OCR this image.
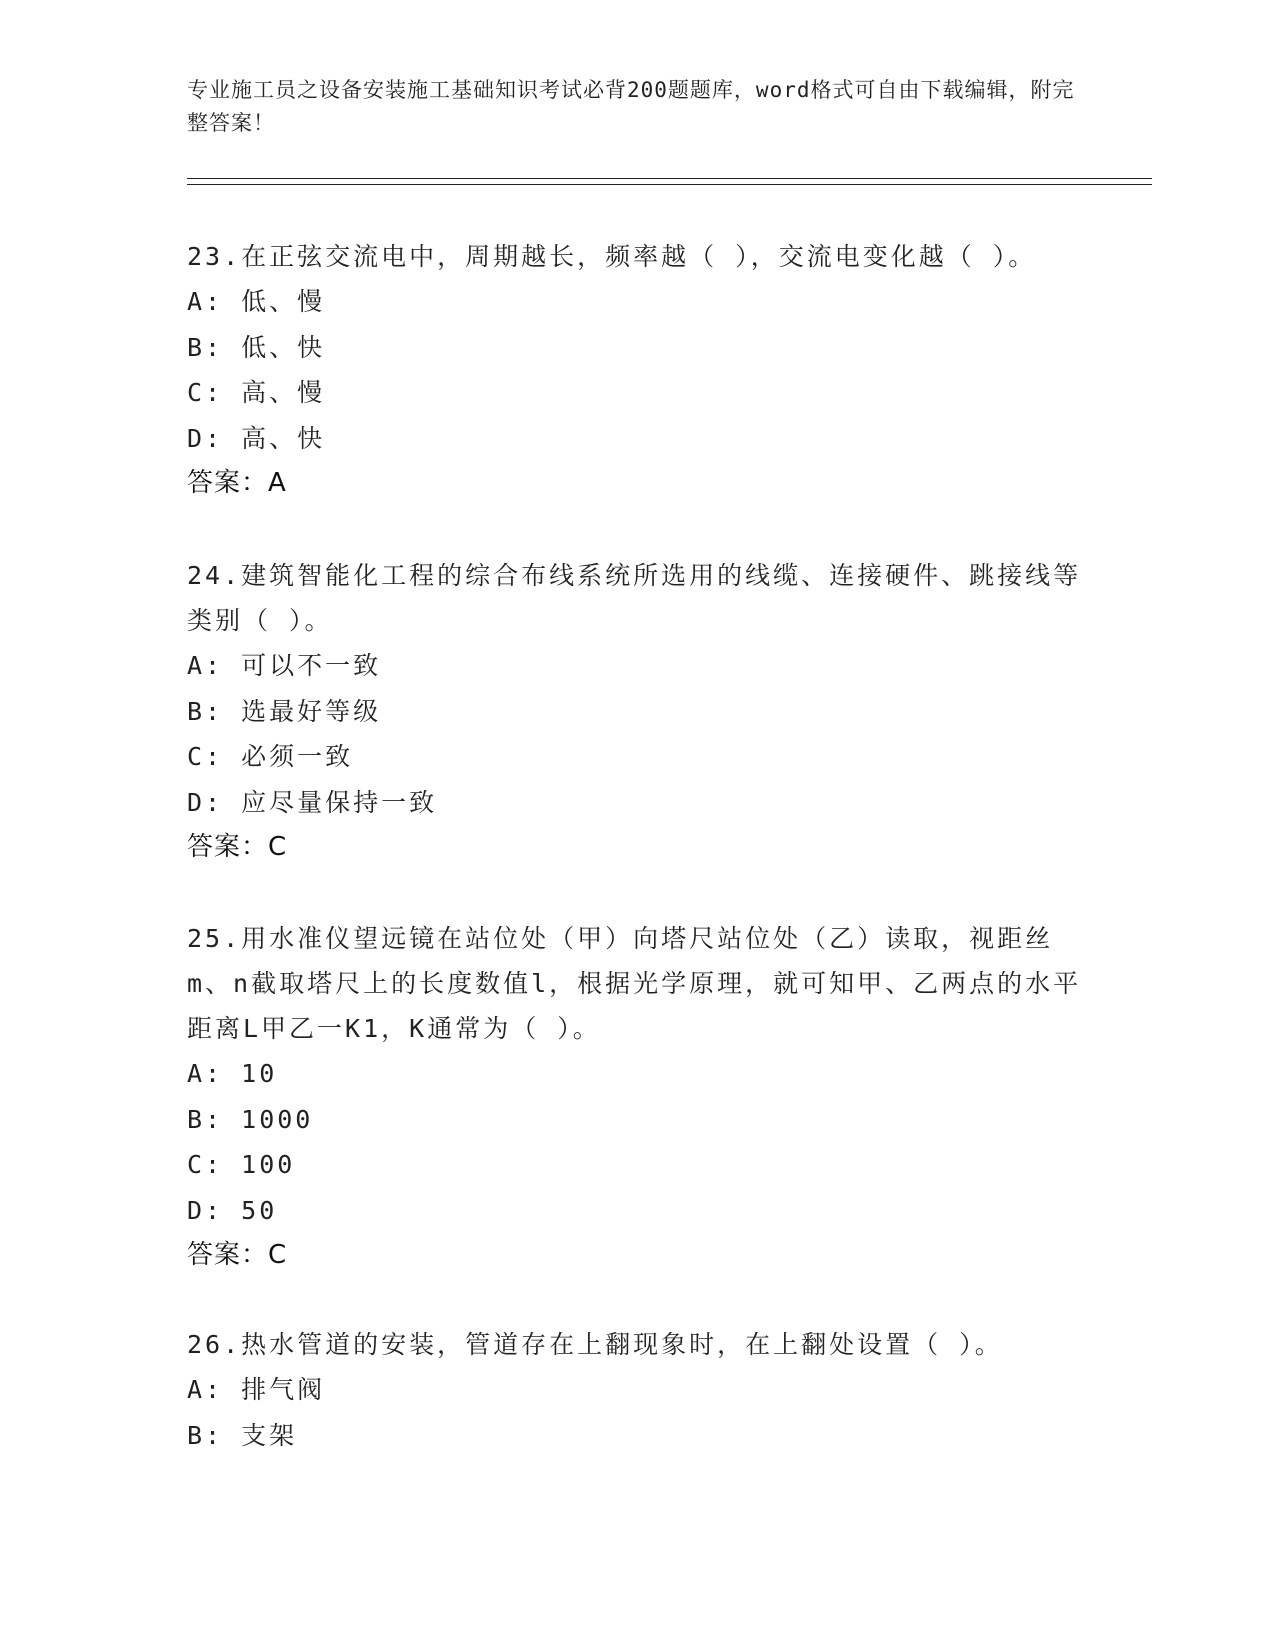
专业施工员之设备安装施工基础知识考试必背200题题库，word格式可自由下载编辑，附完整答案！

23.在正弦交流电中，周期越长，频率越（ ），交流电变化越（ ）。

A: 低、慢
B: 低、快
C: 高、慢
D: 高、快
答案：A

24.建筑智能化工程的综合布线系统所选用的线缆、连接硬件、跳接线等类别（ ）。

A: 可以不一致
B: 选最好等级
C: 必须一致
D: 应尽量保持一致
答案：C

25.用水准仪望远镜在站位处（甲）向塔尺站位处（乙）读取，视距丝m、n截取塔尺上的长度数值l，根据光学原理，就可知甲、乙两点的水平距离L甲乙一K1，K通常为（ ）。

A: 10
B: 1000
C: 100
D: 50
答案：C

26.热水管道的安装，管道存在上翻现象时，在上翻处设置（ ）。

A: 排气阀
B: 支架
